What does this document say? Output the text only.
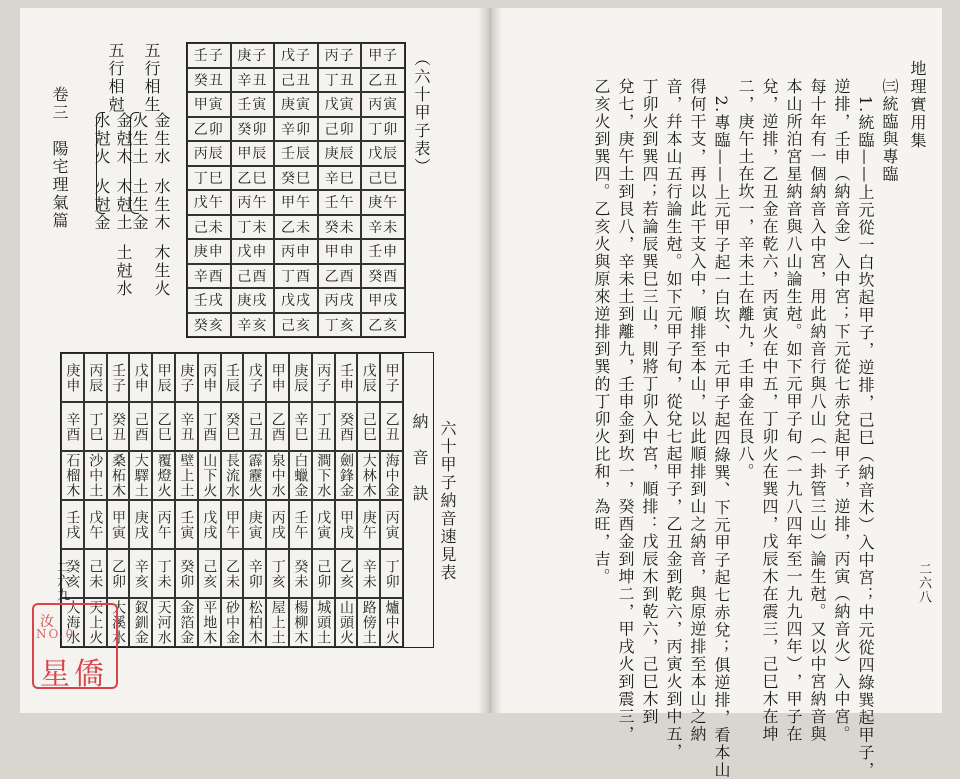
卷三　陽宅理氣篇
五行相生
五行相尅
金生水
水生木
木生火
火生土
土生金
金尅木
木尅土
土尅水
水尅火
火尅金
︵六十甲子表︶
壬子 庚子 戊子 丙子 甲子
癸丑 辛丑 己丑 丁丑 乙丑
甲寅 壬寅 庚寅 戊寅 丙寅
乙卯 癸卯 辛卯 己卯 丁卯
丙辰 甲辰 壬辰 庚辰 戊辰
丁巳 乙巳 癸巳 辛巳 己巳
戊午 丙午 甲午 壬午 庚午
己未 丁未 乙未 癸未 辛未
庚申 戊申 丙申 甲申 壬申
辛酉 己酉 丁酉 乙酉 癸酉
壬戌 庚戌 戊戌 丙戌 甲戌
癸亥 辛亥 己亥 丁亥 乙亥
六十甲子納音速見表
庚申 丙辰 壬子 戊申 甲辰 庚子 丙申 壬辰 戊子 甲申 庚辰 丙子 壬申 戊辰 甲子
辛酉 丁巳 癸丑 己酉 乙巳 辛丑 丁酉 癸巳 己丑 乙酉 辛巳 丁丑 癸酉 己巳 乙丑
石榴木 沙中土 桑柘木 大驛土 覆燈火 壁上土 山下火 長流水 霹靂火 泉中水 白蠟金 澗下水 劍鋒金 大林木 海中金
壬戌 戊午 甲寅 庚戌 丙午 壬寅 戊戌 甲午 庚寅 丙戌 壬午 戊寅 甲戌 庚午 丙寅
癸亥 己未 乙卯 辛亥 丁未 癸卯 己亥 乙未 辛卯 丁亥 癸未 己卯 乙亥 辛未 丁卯
大海水 天上火 大溪水 釵釧金 天河水 金箔金 平地木 砂中金 松柏木 屋上土 楊柳木 城頭土 山頭火 路傍土 爐中火
納　音　訣
二六九
汝
NO.0
星僑
地理實用集
㈢統臨與專臨
　1.統臨——上元從一白坎起甲子，逆排，己巳︵納音木︶入中宮；中元從四綠巽起甲子，
逆排，壬申︵納音金︶入中宮；下元從七赤兌起甲子，逆排，丙寅︵納音火︶入中宮。
每十年有一個納音入中宮，用此納音行與八山︵一卦管三山︶論生尅。又以中宮納音與
本山所泊宮星納音與八山論生尅。如下元甲子旬︵一九八四年至一九九四年︶，甲子在
兌，逆排，乙丑金在乾六，丙寅火在中五，丁卯火在巽四，戊辰木在震三，己巳木在坤
二，庚午土在坎一，辛未土在離九，壬申金在艮八。
　2.專臨——上元甲子起一白坎、中元甲子起四綠巽、下元甲子起七赤兌；俱逆排，看本山
得何干支，再以此干支入中，順排至本山，以此順排到山之納音，與原逆排至本山之納
音，幷本山五行論生尅。如下元甲子旬，從兌七起甲子，乙丑金到乾六，丙寅火到中五，
丁卯火到巽四；若論辰巽巳三山，則將丁卯入中宮，順排：戊辰木到乾六，己巳木到
兌七，庚午土到艮八，辛未土到離九，壬申金到坎一，癸酉金到坤二，甲戌火到震三，
乙亥火到巽四。乙亥火與原來逆排到巽的丁卯火比和，為旺，吉。	二六八
